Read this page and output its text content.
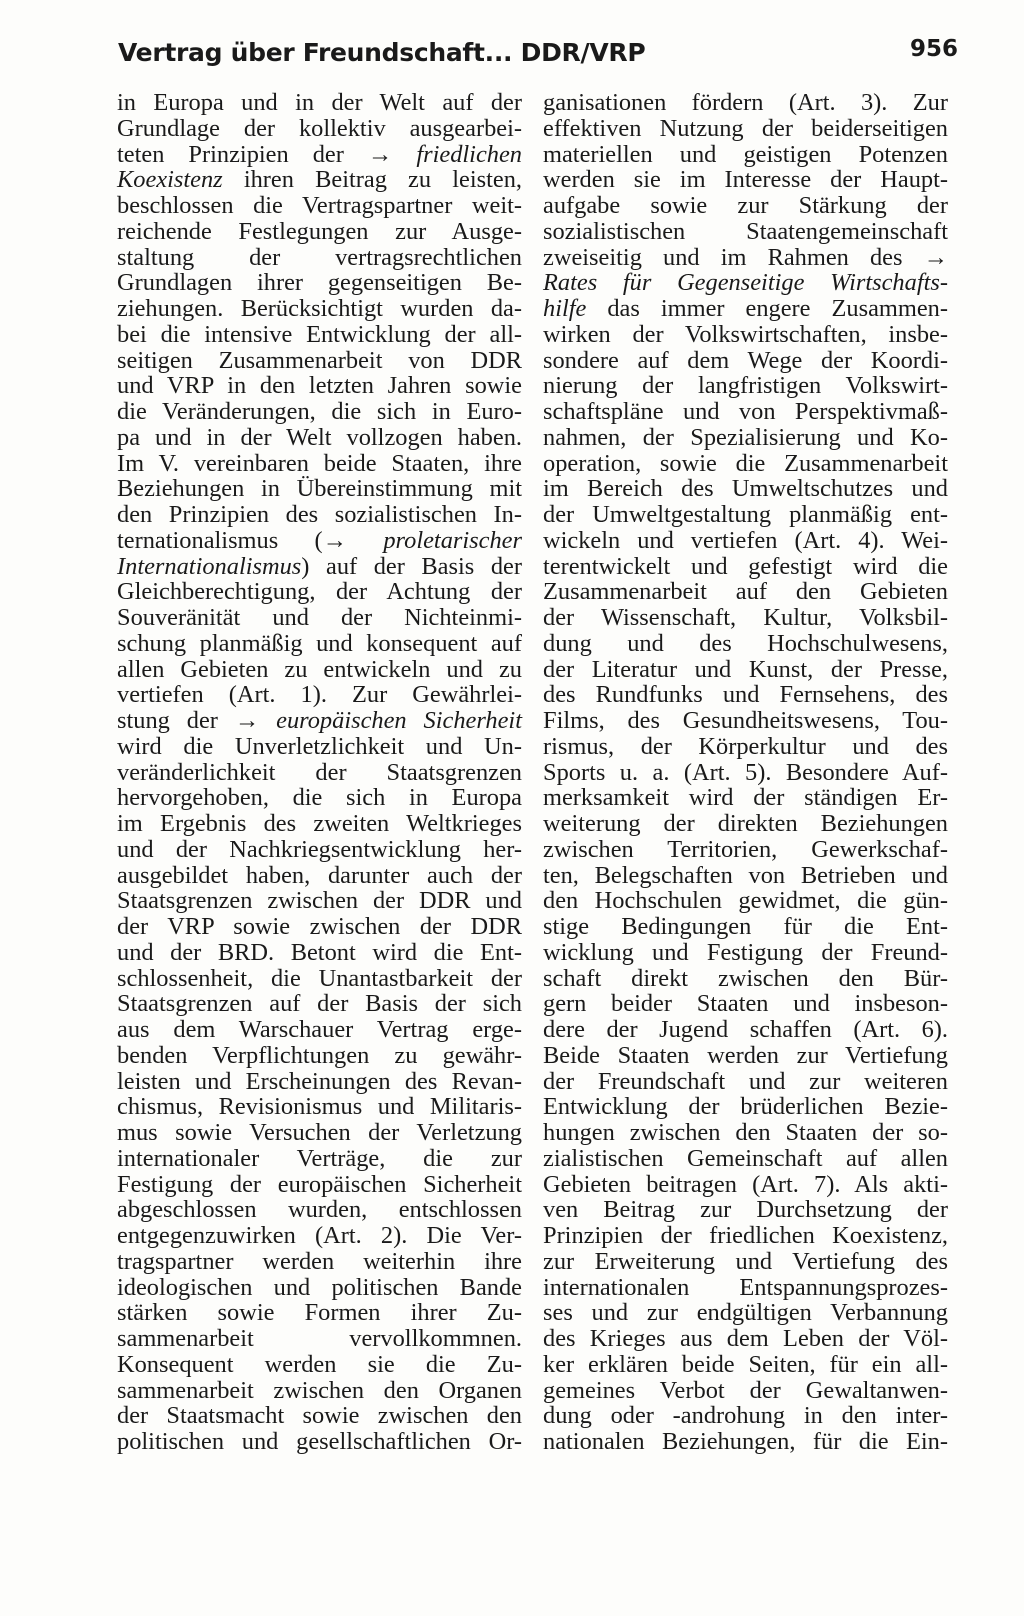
Vertrag über Freundschaft... DDR/VRP	956
in Europa und in der Welt auf der
Grundlage der kollektiv ausgearbei-
teten Prinzipien der → friedlichen
Koexistenz ihren Beitrag zu leisten,
beschlossen die Vertragspartner weit-
reichende Festlegungen zur Ausge-
staltung der vertragsrechtlichen
Grundlagen ihrer gegenseitigen Be-
ziehungen. Berücksichtigt wurden da-
bei die intensive Entwicklung der all-
seitigen Zusammenarbeit von DDR
und VRP in den letzten Jahren sowie
die Veränderungen, die sich in Euro-
pa und in der Welt vollzogen haben.
Im V. vereinbaren beide Staaten, ihre
Beziehungen in Übereinstimmung mit
den Prinzipien des sozialistischen In-
ternationalismus (→ proletarischer
Internationalismus) auf der Basis der
Gleichberechtigung, der Achtung der
Souveränität und der Nichteinmi-
schung planmäßig und konsequent auf
allen Gebieten zu entwickeln und zu
vertiefen (Art. 1). Zur Gewährlei-
stung der → europäischen Sicherheit
wird die Unverletzlichkeit und Un-
veränderlichkeit der Staatsgrenzen
hervorgehoben, die sich in Europa
im Ergebnis des zweiten Weltkrieges
und der Nachkriegsentwicklung her-
ausgebildet haben, darunter auch der
Staatsgrenzen zwischen der DDR und
der VRP sowie zwischen der DDR
und der BRD. Betont wird die Ent-
schlossenheit, die Unantastbarkeit der
Staatsgrenzen auf der Basis der sich
aus dem Warschauer Vertrag erge-
benden Verpflichtungen zu gewähr-
leisten und Erscheinungen des Revan-
chismus, Revisionismus und Militaris-
mus sowie Versuchen der Verletzung
internationaler Verträge, die zur
Festigung der europäischen Sicherheit
abgeschlossen wurden, entschlossen
entgegenzuwirken (Art. 2). Die Ver-
tragspartner werden weiterhin ihre
ideologischen und politischen Bande
stärken sowie Formen ihrer Zu-
sammenarbeit vervollkommnen.
Konsequent werden sie die Zu-
sammenarbeit zwischen den Organen
der Staatsmacht sowie zwischen den
politischen und gesellschaftlichen Or-
ganisationen fördern (Art. 3). Zur
effektiven Nutzung der beiderseitigen
materiellen und geistigen Potenzen
werden sie im Interesse der Haupt-
aufgabe sowie zur Stärkung der
sozialistischen Staatengemeinschaft
zweiseitig und im Rahmen des →
Rates für Gegenseitige Wirtschafts-
hilfe das immer engere Zusammen-
wirken der Volkswirtschaften, insbe-
sondere auf dem Wege der Koordi-
nierung der langfristigen Volkswirt-
schaftspläne und von Perspektivmaß-
nahmen, der Spezialisierung und Ko-
operation, sowie die Zusammenarbeit
im Bereich des Umweltschutzes und
der Umweltgestaltung planmäßig ent-
wickeln und vertiefen (Art. 4). Wei-
terentwickelt und gefestigt wird die
Zusammenarbeit auf den Gebieten
der Wissenschaft, Kultur, Volksbil-
dung und des Hochschulwesens,
der Literatur und Kunst, der Presse,
des Rundfunks und Fernsehens, des
Films, des Gesundheitswesens, Tou-
rismus, der Körperkultur und des
Sports u. a. (Art. 5). Besondere Auf-
merksamkeit wird der ständigen Er-
weiterung der direkten Beziehungen
zwischen Territorien, Gewerkschaf-
ten, Belegschaften von Betrieben und
den Hochschulen gewidmet, die gün-
stige Bedingungen für die Ent-
wicklung und Festigung der Freund-
schaft direkt zwischen den Bür-
gern beider Staaten und insbeson-
dere der Jugend schaffen (Art. 6).
Beide Staaten werden zur Vertiefung
der Freundschaft und zur weiteren
Entwicklung der brüderlichen Bezie-
hungen zwischen den Staaten der so-
zialistischen Gemeinschaft auf allen
Gebieten beitragen (Art. 7). Als akti-
ven Beitrag zur Durchsetzung der
Prinzipien der friedlichen Koexistenz,
zur Erweiterung und Vertiefung des
internationalen Entspannungsprozes-
ses und zur endgültigen Verbannung
des Krieges aus dem Leben der Völ-
ker erklären beide Seiten, für ein all-
gemeines Verbot der Gewaltanwen-
dung oder -androhung in den inter-
nationalen Beziehungen, für die Ein-
